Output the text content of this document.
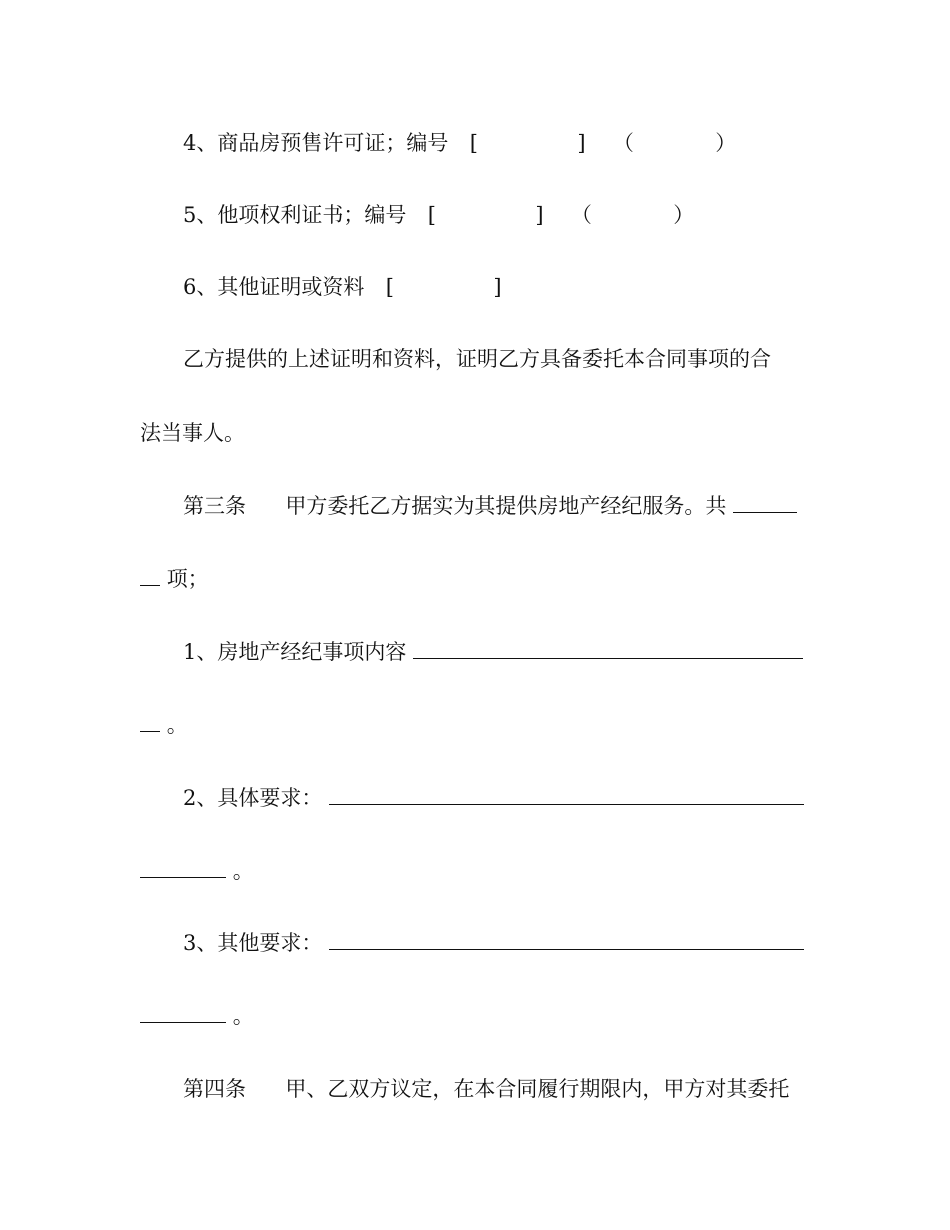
4、商品房预售许可证；编号 [	] （	）
5、他项权利证书；编号 [	] （	）
6、其他证明或资料 [	]
乙方提供的上述证明和资料，证明乙方具备委托本合同事项的合
法当事人。
第三条 甲方委托乙方据实为其提供房地产经纪服务。共
项；
1、房地产经纪事项内容
。
2、具体要求：
。
3、其他要求：
。
第四条 甲、乙双方议定，在本合同履行期限内，甲方对其委托
